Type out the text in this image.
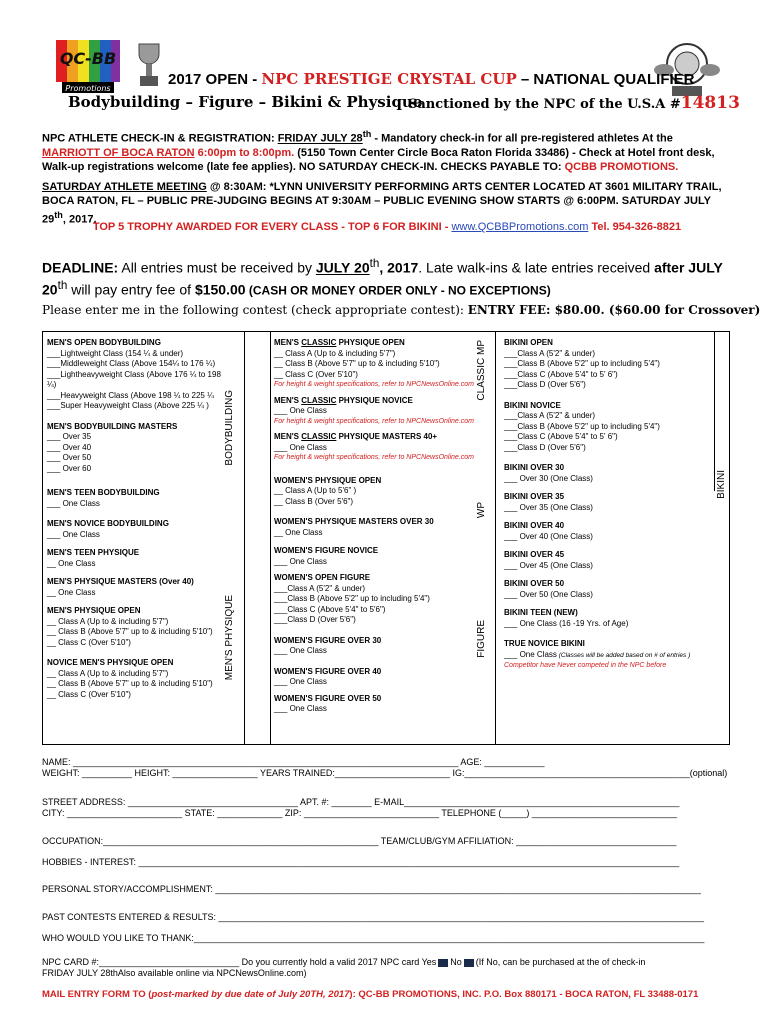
QC-BB
Promotions
2017 OPEN - NPC PRESTIGE CRYSTAL CUP – NATIONAL QUALIFIER
Bodybuilding – Figure – Bikini & Physique
Sanctioned by the NPC of the U.S.A #14813
NPC ATHLETE CHECK-IN & REGISTRATION: FRIDAY JULY 28th - Mandatory check-in for all pre-registered athletes At the MARRIOTT OF BOCA RATON 6:00pm to 8:00pm. (5150 Town Center Circle Boca Raton Florida 33486) - Check at Hotel front desk, Walk-up registrations welcome (late fee applies). NO SATURDAY CHECK-IN. CHECKS PAYABLE TO: QCBB PROMOTIONS.
SATURDAY ATHLETE MEETING @ 8:30AM: *LYNN UNIVERSITY PERFORMING ARTS CENTER LOCATED AT 3601 MILITARY TRAIL, BOCA RATON, FL – PUBLIC PRE-JUDGING BEGINS AT 9:30AM – PUBLIC EVENING SHOW STARTS @ 6:00PM. SATURDAY JULY 29th, 2017.
TOP 5 TROPHY AWARDED FOR EVERY CLASS - TOP 6 FOR BIKINI - www.QCBBPromotions.com Tel. 954-326-8821
DEADLINE: All entries must be received by JULY 20th, 2017. Late walk-ins & late entries received after JULY 20th will pay entry fee of $150.00 (CASH OR MONEY ORDER ONLY - NO EXCEPTIONS)
Please enter me in the following contest (check appropriate contest): ENTRY FEE: $80.00. ($60.00 for Crossover)
BODYBUILDING
MEN'S PHYSIQUE
CLASSIC MP
WP
FIGURE
BIKINI
MEN'S OPEN BODYBUILDING
___Lightweight Class (154 ¼ & under)
___Middleweight Class (Above 154¼ to 176 ¼)
___Lightheavyweight Class (Above 176 ¼ to 198 ¼)
___Heavyweight Class (Above 198 ¼ to 225 ¼
___Super Heavyweight Class (Above 225 ¼ )
MEN'S BODYBUILDING MASTERS
___ Over 35
___ Over 40
___ Over 50
___ Over 60
MEN'S TEEN BODYBUILDING
___ One Class
MEN'S NOVICE BODYBUILDING
___ One Class
MEN'S TEEN PHYSIQUE
__ One Class
MEN'S PHYSIQUE MASTERS (Over 40)
__ One Class
MEN'S PHYSIQUE OPEN
__ Class A (Up to & including 5'7")
__ Class B (Above 5'7" up to & including 5'10")
__ Class C (Over 5'10")
NOVICE MEN'S PHYSIQUE OPEN
__ Class A (Up to & including 5'7")
__ Class B (Above 5'7" up to & including 5'10")
__ Class C (Over 5'10")
MEN'S CLASSIC PHYSIQUE OPEN
__ Class A (Up to & including 5'7")
__ Class B (Above 5'7" up to & including 5'10")
__ Class C (Over 5'10")
For height & weight specifications, refer to NPCNewsOnline.com
MEN'S CLASSIC PHYSIQUE NOVICE
___ One Class
For height & weight specifications, refer to NPCNewsOnline.com
MEN'S CLASSIC PHYSIQUE MASTERS 40+
___ One Class
For height & weight specifications, refer to NPCNewsOnline.com
WOMEN'S PHYSIQUE OPEN
__ Class A (Up to 5'6" )
__ Class B (Over 5'6")
WOMEN'S PHYSIQUE MASTERS OVER 30
__ One Class
WOMEN'S FIGURE NOVICE
___ One Class
WOMEN'S OPEN FIGURE
___Class A (5'2" & under)
___Class B (Above 5'2" up to including 5'4")
___Class C (Above 5'4" to 5'6")
___Class D (Over 5'6")
WOMEN'S FIGURE OVER 30
___ One Class
WOMEN'S FIGURE OVER 40
___ One Class
WOMEN'S FIGURE OVER 50
___ One Class
BIKINI OPEN
___Class A (5'2" & under)
___Class B (Above 5'2" up to including 5'4")
___Class C (Above 5'4" to 5' 6")
___Class D (Over 5'6")
BIKINI NOVICE
___Class A (5'2" & under)
___Class B (Above 5'2" up to including 5'4")
___Class C (Above 5'4" to 5' 6")
___Class D (Over 5'6")
BIKINI OVER 30
___ Over 30 (One Class)
BIKINI OVER 35
___ Over 35 (One Class)
BIKINI OVER 40
___ Over 40 (One Class)
BIKINI OVER 45
___ Over 45 (One Class)
BIKINI OVER 50
___ Over 50 (One Class)
BIKINI TEEN (NEW)
___ One Class (16 -19 Yrs. of Age)
TRUE NOVICE BIKINI
___ One Class (Classes will be added based on # of entries )
Competitor have Never competed in the NPC before
NAME: _____________________________________________________________________________ AGE: ____________
WEIGHT: __________ HEIGHT: _________________ YEARS TRAINED:_______________________ IG:_____________________________________________(optional)
STREET ADDRESS: __________________________________ APT. #: ________ E-MAIL_______________________________________________________
CITY: _______________________ STATE: _____________ ZIP: ___________________________ TELEPHONE (_____) _____________________________
OCCUPATION:_______________________________________________________ TEAM/CLUB/GYM AFFILIATION: ________________________________
HOBBIES - INTEREST: ____________________________________________________________________________________________________________
PERSONAL STORY/ACCOMPLISHMENT: _________________________________________________________________________________________________
PAST CONTESTS ENTERED & RESULTS: _________________________________________________________________________________________________
WHO WOULD YOU LIKE TO THANK:______________________________________________________________________________________________________
NPC CARD #:____________________________ Do you currently hold a valid 2017 NPC card Yes No (If No, can be purchased at the of check-in
FRIDAY JULY 28thAlso available online via NPCNewsOnline.com)
MAIL ENTRY FORM TO (post-marked by due date of July 20TH, 2017): QC-BB PROMOTIONS, INC. P.O. Box 880171 - BOCA RATON, FL 33488-0171
